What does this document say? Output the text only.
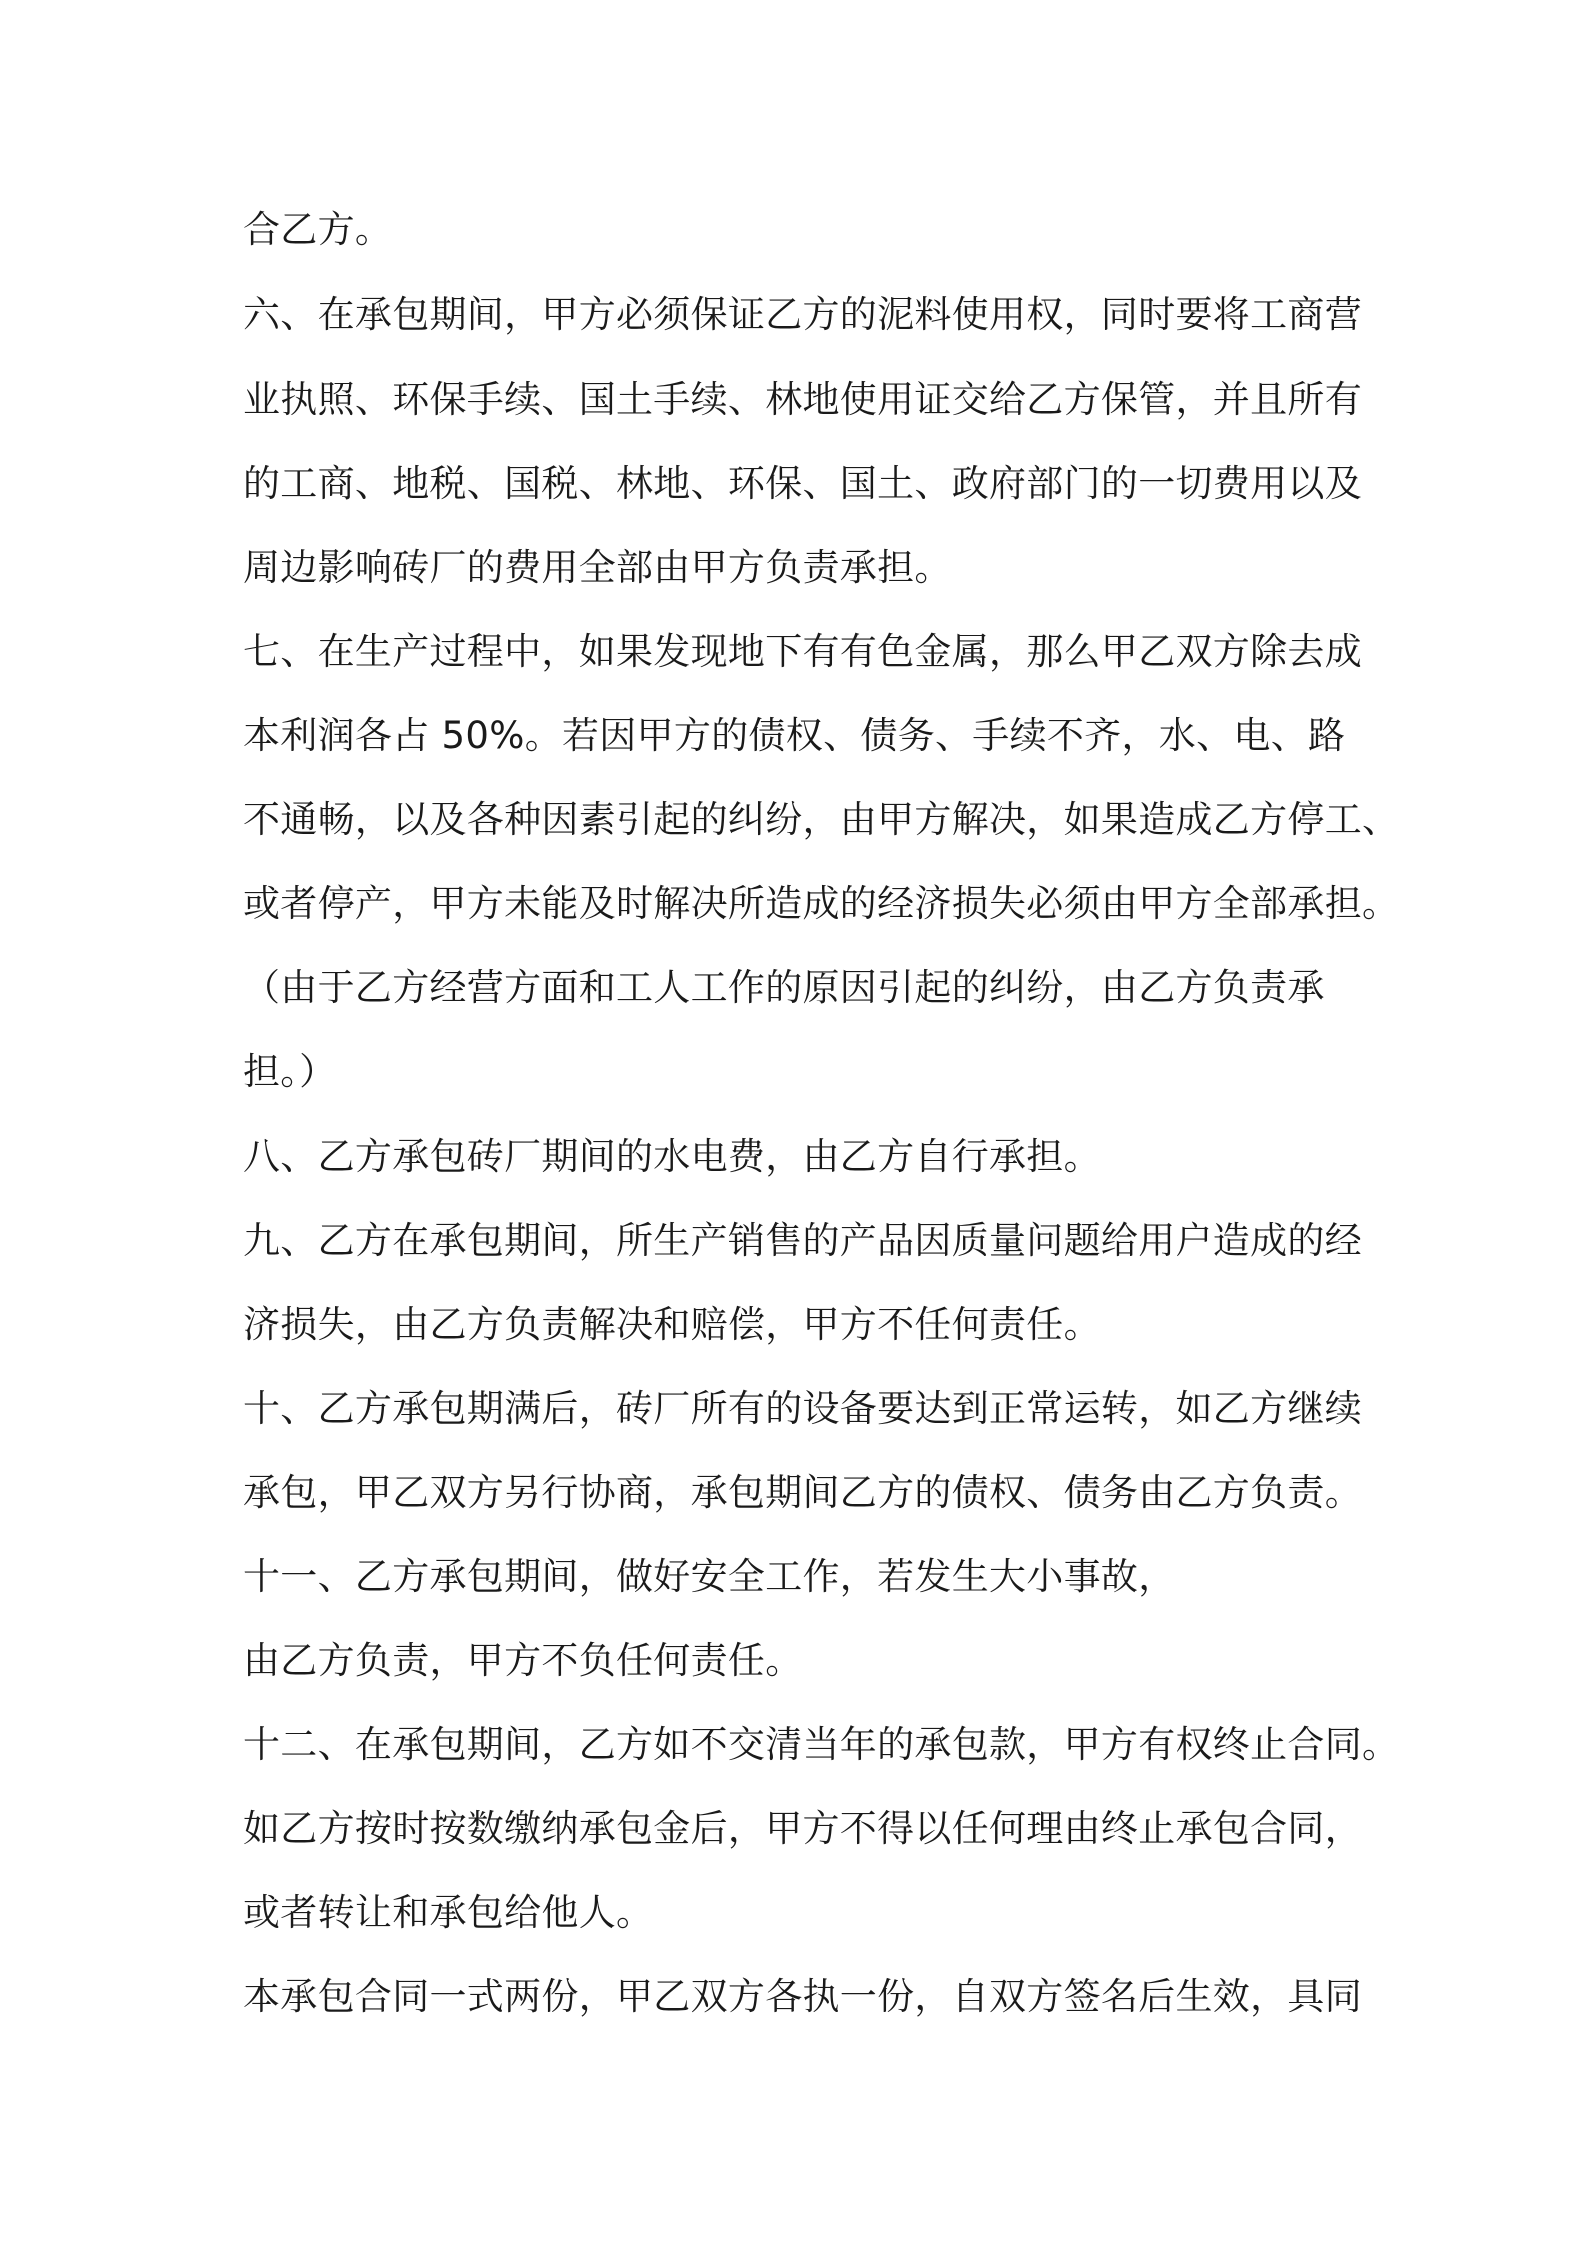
合乙方。
六、在承包期间，甲方必须保证乙方的泥料使用权，同时要将工商营
业执照、环保手续、国土手续、林地使用证交给乙方保管，并且所有
的工商、地税、国税、林地、环保、国土、政府部门的一切费用以及
周边影响砖厂的费用全部由甲方负责承担。
七、在生产过程中，如果发现地下有有色金属，那么甲乙双方除去成
本利润各占 50%。若因甲方的债权、债务、手续不齐，水、电、路
不通畅，以及各种因素引起的纠纷，由甲方解决，如果造成乙方停工、
或者停产，甲方未能及时解决所造成的经济损失必须由甲方全部承担。
（由于乙方经营方面和工人工作的原因引起的纠纷，由乙方负责承
担。）
八、乙方承包砖厂期间的水电费，由乙方自行承担。
九、乙方在承包期间，所生产销售的产品因质量问题给用户造成的经
济损失，由乙方负责解决和赔偿，甲方不任何责任。
十、乙方承包期满后，砖厂所有的设备要达到正常运转，如乙方继续
承包，甲乙双方另行协商，承包期间乙方的债权、债务由乙方负责。
十一、乙方承包期间，做好安全工作，若发生大小事故，
由乙方负责，甲方不负任何责任。
十二、在承包期间，乙方如不交清当年的承包款，甲方有权终止合同。
如乙方按时按数缴纳承包金后，甲方不得以任何理由终止承包合同，
或者转让和承包给他人。
本承包合同一式两份，甲乙双方各执一份，自双方签名后生效，具同
